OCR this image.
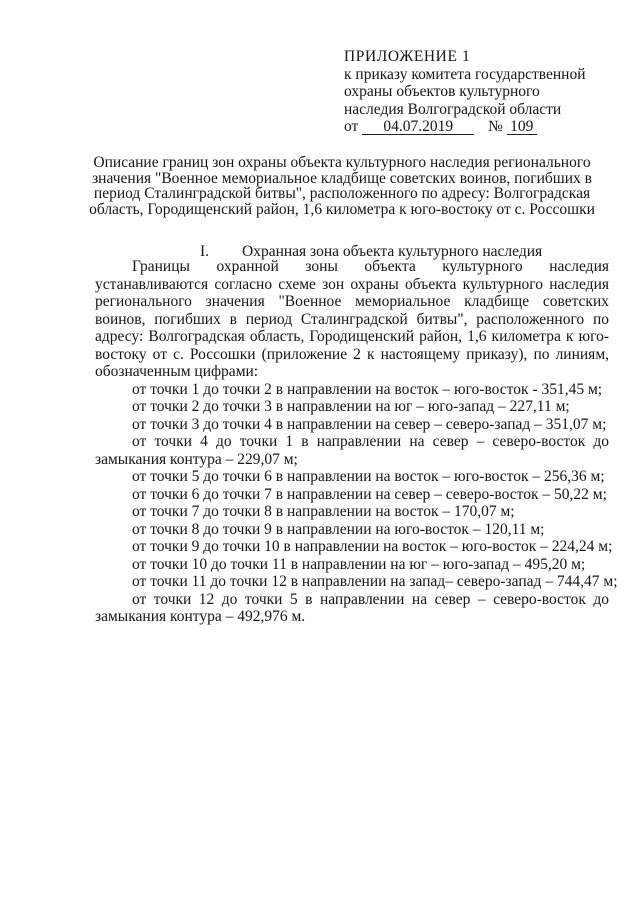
ПРИЛОЖЕНИЕ 1
к приказу комитета государственной
охраны объектов культурного
наследия Волгоградской области
от 04.07.2019 № 109
Описание границ зон охраны объекта культурного наследия регионального значения "Военное мемориальное кладбище советских воинов, погибших в период Сталинградской битвы", расположенного по адресу: Волгоградская область, Городищенский район, 1,6 километра к юго-востоку от с. Россошки
I. Охранная зона объекта культурного наследия

Границы охранной зоны объекта культурного наследия устанавливаются согласно схеме зон охраны объекта культурного наследия регионального значения "Военное мемориальное кладбище советских воинов, погибших в период Сталинградской битвы", расположенного по адресу: Волгоградская область, Городищенский район, 1,6 километра к юго-востоку от с. Россошки (приложение 2 к настоящему приказу), по линиям, обозначенным цифрами:

от точки 1 до точки 2 в направлении на восток – юго-восток - 351,45 м;
от точки 2 до точки 3 в направлении на юг – юго-запад – 227,11 м;
от точки 3 до точки 4 в направлении на север – северо-запад – 351,07 м;

от точки 4 до точки 1 в направлении на север – северо-восток до замыкания контура – 229,07 м;

от точки 5 до точки 6 в направлении на восток – юго-восток – 256,36 м;
от точки 6 до точки 7 в направлении на север – северо-восток – 50,22 м;
от точки 7 до точки 8 в направлении на восток – 170,07 м;
от точки 8 до точки 9 в направлении на юго-восток – 120,11 м;
от точки 9 до точки 10 в направлении на восток – юго-восток – 224,24 м;
от точки 10 до точки 11 в направлении на юг – юго-запад – 495,20 м;
от точки 11 до точки 12 в направлении на запад– северо-запад – 744,47 м;

от точки 12 до точки 5 в направлении на север – северо-восток до замыкания контура – 492,976 м.
